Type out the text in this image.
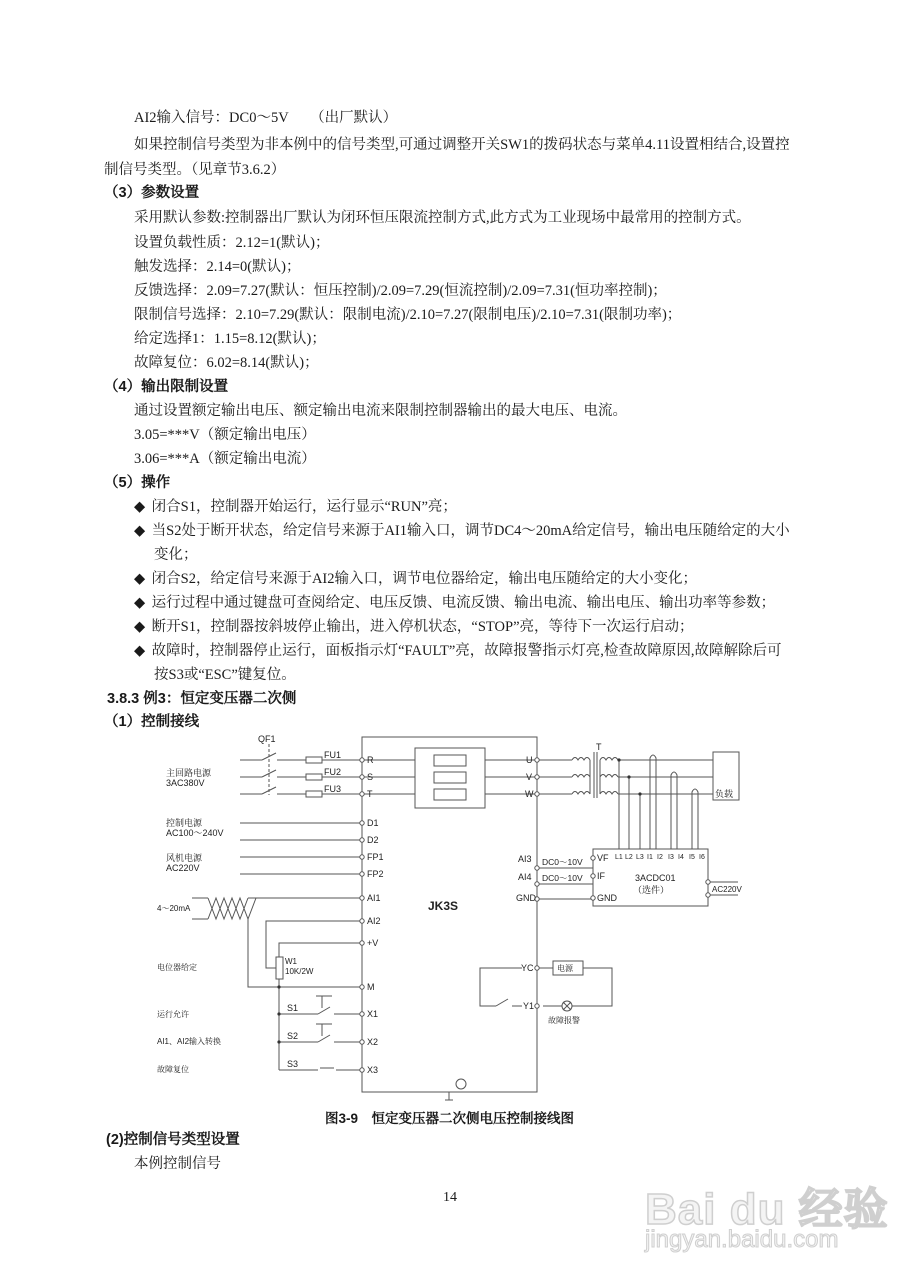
AI2输入信号：DC0～5V　　（出厂默认）
如果控制信号类型为非本例中的信号类型,可通过调整开关SW1的拨码状态与菜单4.11设置相结合,设置控
制信号类型。（见章节3.6.2）
（3）参数设置
采用默认参数:控制器出厂默认为闭环恒压限流控制方式,此方式为工业现场中最常用的控制方式。
设置负载性质：2.12=1(默认)；
触发选择：2.14=0(默认)；
反馈选择：2.09=7.27(默认：恒压控制)/2.09=7.29(恒流控制)/2.09=7.31(恒功率控制)；
限制信号选择：2.10=7.29(默认：限制电流)/2.10=7.27(限制电压)/2.10=7.31(限制功率)；
给定选择1：1.15=8.12(默认)；
故障复位：6.02=8.14(默认)；
（4）输出限制设置
通过设置额定输出电压、额定输出电流来限制控制器输出的最大电压、电流。
3.05=***V（额定输出电压）
3.06=***A（额定输出电流）
（5）操作
◆ 闭合S1，控制器开始运行，运行显示“RUN”亮；
◆ 当S2处于断开状态，给定信号来源于AI1输入口，调节DC4～20mA给定信号，输出电压随给定的大小
变化；
◆ 闭合S2，给定信号来源于AI2输入口，调节电位器给定，输出电压随给定的大小变化；
◆ 运行过程中通过键盘可查阅给定、电压反馈、电流反馈、输出电流、输出电压、输出功率等参数；
◆ 断开S1，控制器按斜坡停止输出，进入停机状态，“STOP”亮，等待下一次运行启动；
◆ 故障时，控制器停止运行，面板指示灯“FAULT”亮，故障报警指示灯亮,检查故障原因,故障解除后可
按S3或“ESC”键复位。
3.8.3 例3：恒定变压器二次侧
（1）控制接线
QF1
FU1
FU2
FU3
主回路电源
3AC380V
控制电源
AC100～240V
风机电源
AC220V
4～20mA
电位器给定
运行允许
AI1、AI2输入转换
故障复位
W1
10K/2W
S1
S2
S3
R
S
T
D1
D2
FP1
FP2
AI1
AI2
+V
M
X1
X2
X3
U
V
W
AI3
AI4
GND
YC
Y1
DC0～10V
DC0～10V
T
负载
VF
IF
GND
L1 L2 L3 I1 I2 I3 I4 I5 I6
3ACDC01
（选件）	AC220V
电源
故障报警
JK3S
图3-9　恒定变压器二次侧电压控制接线图
(2)控制信号类型设置
本例控制信号
14	Bai du 经验
jingyan.baidu.com
